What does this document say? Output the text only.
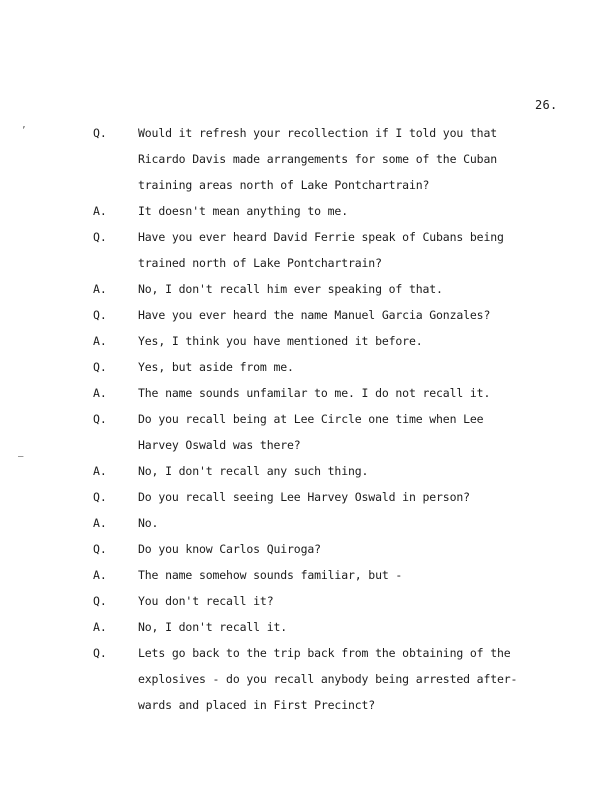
26.
’
—
Q.	Would it refresh your recollection if I told you that
Ricardo Davis made arrangements for some of the Cuban
training areas north of Lake Pontchartrain?
A.	It doesn't mean anything to me.
Q.	Have you ever heard David Ferrie speak of Cubans being
trained north of Lake Pontchartrain?
A.	No, I don't recall him ever speaking of that.
Q.	Have you ever heard the name Manuel Garcia Gonzales?
A.	Yes, I think you have mentioned it before.
Q.	Yes, but aside from me.
A.	The name sounds unfamilar to me. I do not recall it.
Q.	Do you recall being at Lee Circle one time when Lee
Harvey Oswald was there?
A.	No, I don't recall any such thing.
Q.	Do you recall seeing Lee Harvey Oswald in person?
A.	No.
Q.	Do you know Carlos Quiroga?
A.	The name somehow sounds familiar, but -
Q.	You don't recall it?
A.	No, I don't recall it.
Q.	Lets go back to the trip back from the obtaining of the
explosives - do you recall anybody being arrested after-
wards and placed in First Precinct?
